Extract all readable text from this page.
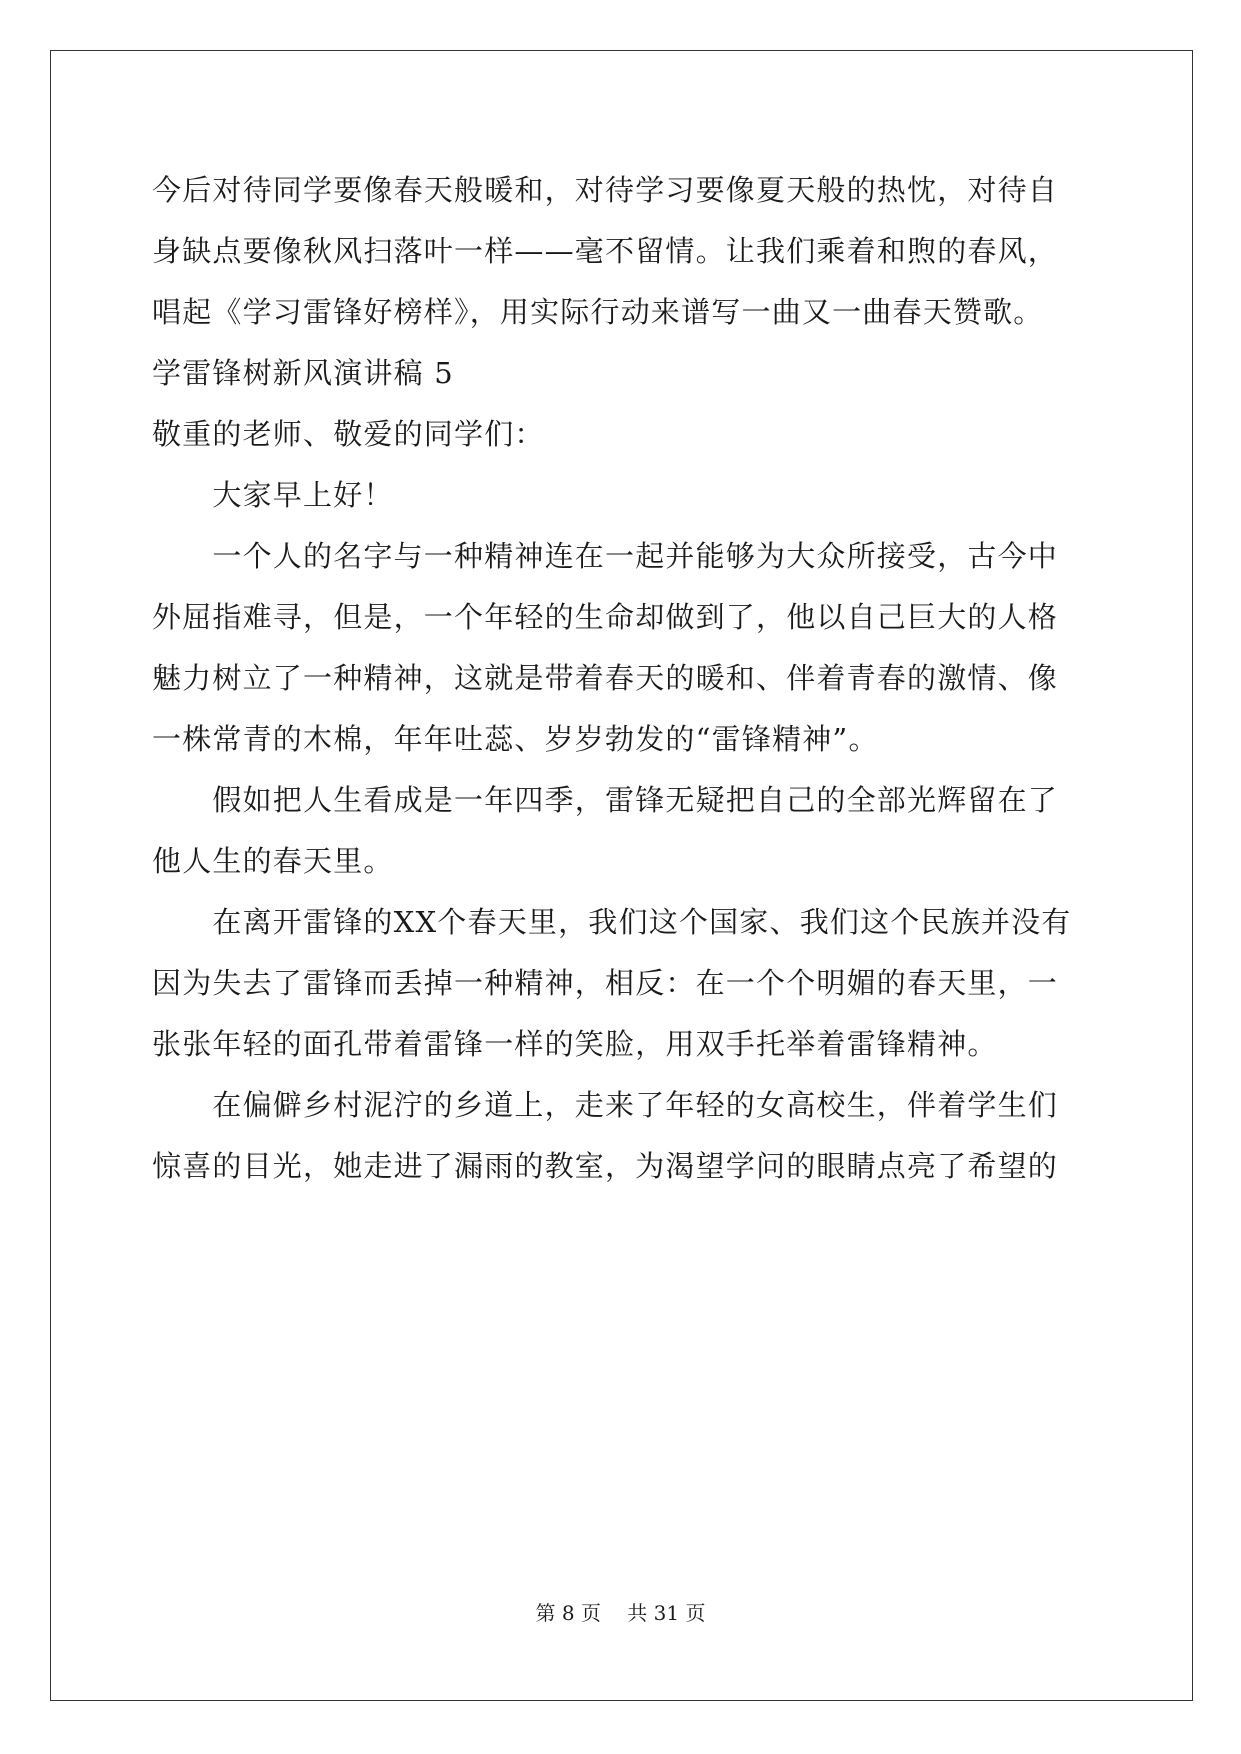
今后对待同学要像春天般暖和，对待学习要像夏天般的热忱，对待自
身缺点要像秋风扫落叶一样——毫不留情。让我们乘着和煦的春风，
唱起《学习雷锋好榜样》，用实际行动来谱写一曲又一曲春天赞歌。
学雷锋树新风演讲稿 5
敬重的老师、敬爱的同学们：
　　大家早上好！
　　一个人的名字与一种精神连在一起并能够为大众所接受，古今中
外屈指难寻，但是，一个年轻的生命却做到了，他以自己巨大的人格
魅力树立了一种精神，这就是带着春天的暖和、伴着青春的激情、像
一株常青的木棉，年年吐蕊、岁岁勃发的“雷锋精神”。
　　假如把人生看成是一年四季，雷锋无疑把自己的全部光辉留在了
他人生的春天里。
　　在离开雷锋的XX个春天里，我们这个国家、我们这个民族并没有
因为失去了雷锋而丢掉一种精神，相反：在一个个明媚的春天里，一
张张年轻的面孔带着雷锋一样的笑脸，用双手托举着雷锋精神。
　　在偏僻乡村泥泞的乡道上，走来了年轻的女高校生，伴着学生们
惊喜的目光，她走进了漏雨的教室，为渴望学问的眼睛点亮了希望的
第 8 页　 共 31 页
